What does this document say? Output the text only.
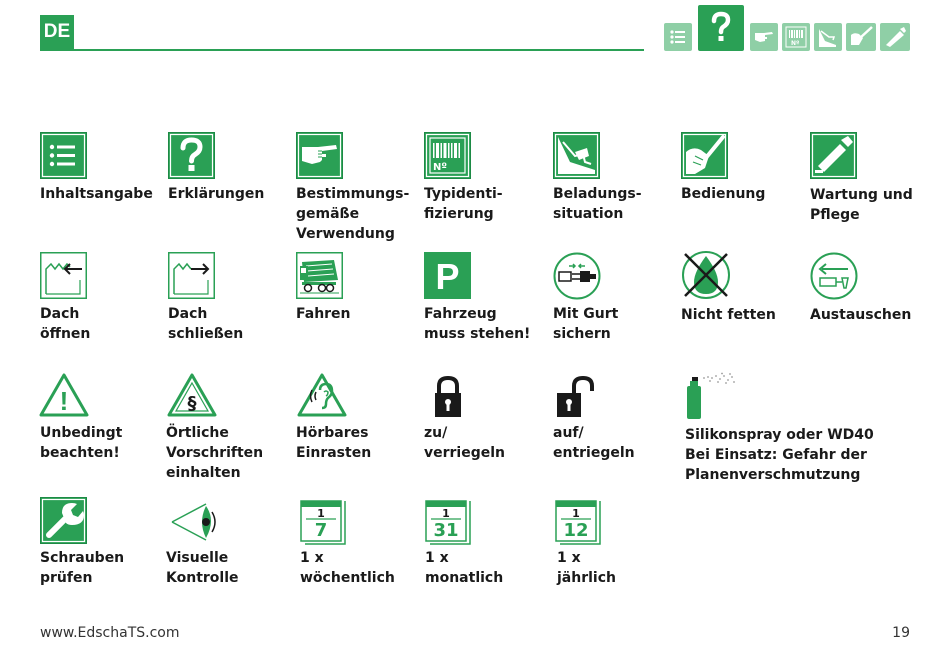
DE
Nº
Nº
Inhaltsangabe Erklärungen Bestimmungs-
gemäße
Verwendung
Typidenti-
fizierung
Beladungs-
situation
Bedienung	Wartung und
Pflege
P
Dach
öffnen
Dach
schließen
Fahren	Fahrzeug
muss stehen!
Mit Gurt
sichern
Nicht fetten Austauschen
!	§
Unbedingt
beachten!
Örtliche
Vorschriften
einhalten
Hörbares
Einrasten
zu/
verriegeln
auf/
entriegeln
Silikonspray oder WD40
Bei Einsatz: Gefahr der
Planenverschmutzung
1
7
1
31
1
12
Schrauben
prüfen
Visuelle
Kontrolle
1 x
wöchentlich
1 x
monatlich
1 x
jährlich
www.EdschaTS.com	19
